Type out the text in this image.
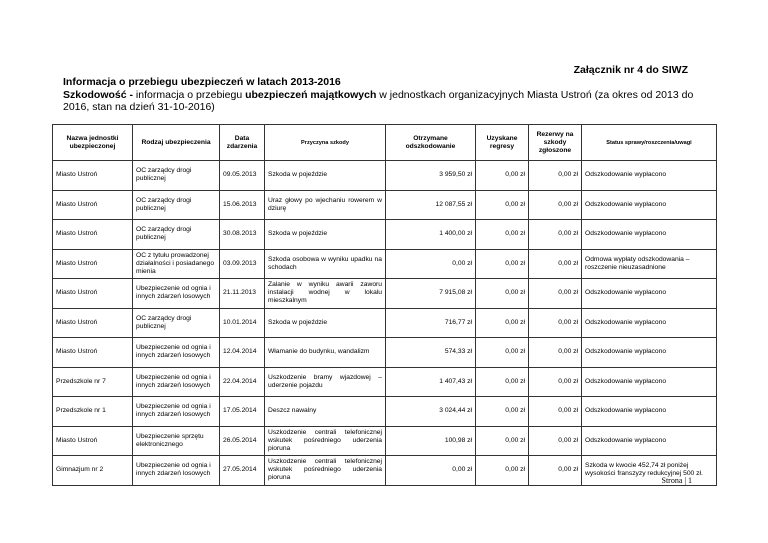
Załącznik nr 4 do SIWZ
Informacja o przebiegu ubezpieczeń w latach 2013-2016
Szkodowość - informacja o przebiegu ubezpieczeń majątkowych w jednostkach organizacyjnych Miasta Ustroń (za okres od 2013 do 2016, stan na dzień 31-10-2016)
Nazwa jednostki ubezpieczonej	Rodzaj ubezpieczenia	Data zdarzenia	Przyczyna szkody	Otrzymane odszkodowanie	Uzyskane regresy	Rezerwy na szkody zgłoszone	Status sprawy/roszczenia/uwagi
Miasto Ustroń	OC zarządcy drogi publicznej	09.05.2013	Szkoda w pojeździe	3 959,50 zł	0,00 zł	0,00 zł	Odszkodowanie wypłacono
Miasto Ustroń	OC zarządcy drogi publicznej	15.06.2013	Uraz głowy po wjechaniu rowerem w dziurę	12 087,55 zł	0,00 zł	0,00 zł	Odszkodowanie wypłacono
Miasto Ustroń	OC zarządcy drogi publicznej	30.08.2013	Szkoda w pojeździe	1 400,00 zł	0,00 zł	0,00 zł	Odszkodowanie wypłacono
Miasto Ustroń	OC z tytułu prowadzonej działalności i posiadanego mienia	03.09.2013	Szkoda osobowa w wyniku upadku na schodach	0,00 zł	0,00 zł	0,00 zł	Odmowa wypłaty odszkodowania – roszczenie nieuzasadnione
Miasto Ustroń	Ubezpieczenie od ognia i innych zdarzeń losowych	21.11.2013	Zalanie w wyniku awarii zaworu instalacji wodnej w lokalu mieszkalnym	7 915,08 zł	0,00 zł	0,00 zł	Odszkodowanie wypłacono
Miasto Ustroń	OC zarządcy drogi publicznej	10.01.2014	Szkoda w pojeździe	716,77 zł	0,00 zł	0,00 zł	Odszkodowanie wypłacono
Miasto Ustroń	Ubezpieczenie od ognia i innych zdarzeń losowych	12.04.2014	Włamanie do budynku, wandalizm	574,33 zł	0,00 zł	0,00 zł	Odszkodowanie wypłacono
Przedszkole nr 7	Ubezpieczenie od ognia i innych zdarzeń losowych	22.04.2014	Uszkodzenie bramy wjazdowej – uderzenie pojazdu	1 407,43 zł	0,00 zł	0,00 zł	Odszkodowanie wypłacono
Przedszkole nr 1	Ubezpieczenie od ognia i innych zdarzeń losowych	17.05.2014	Deszcz nawalny	3 024,44 zł	0,00 zł	0,00 zł	Odszkodowanie wypłacono
Miasto Ustroń	Ubezpieczenie sprzętu elektronicznego	26.05.2014	Uszkodzenie centrali telefonicznej wskutek pośredniego uderzenia pioruna	100,98 zł	0,00 zł	0,00 zł	Odszkodowanie wypłacono
Gimnazjum nr 2	Ubezpieczenie od ognia i innych zdarzeń losowych	27.05.2014	Uszkodzenie centrali telefonicznej wskutek pośredniego uderzenia pioruna	0,00 zł	0,00 zł	0,00 zł	Szkoda w kwocie 452,74 zł poniżej wysokości franszyzy redukcyjnej 500 zł.
Strona | 1
